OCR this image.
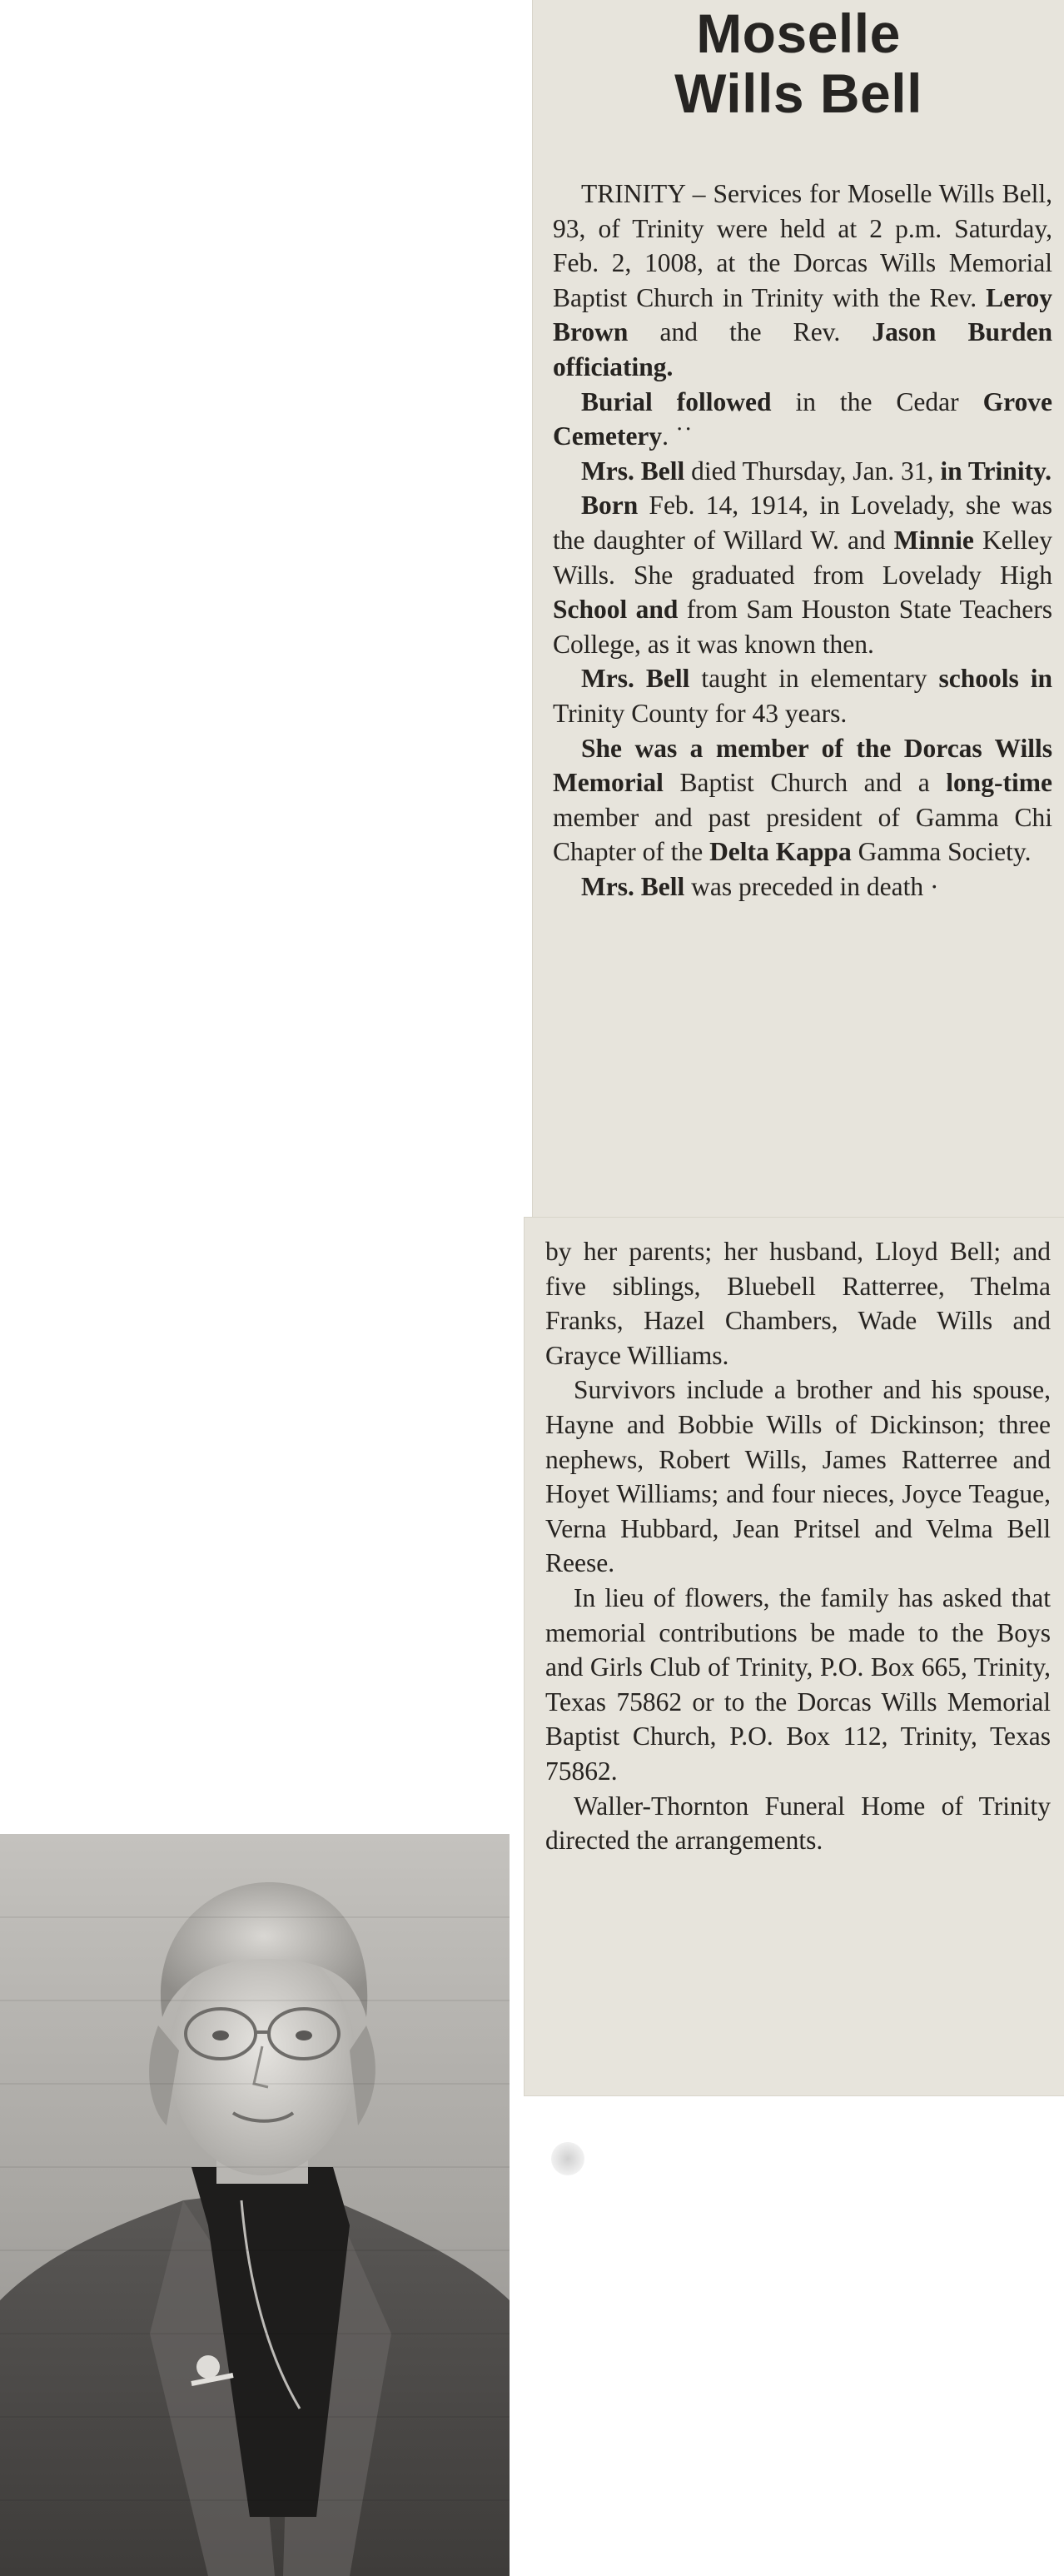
Moselle
Wills Bell

TRINITY – Services for Moselle Wills Bell, 93, of Trinity were held at 2 p.m. Saturday, Feb. 2, 1008, at the Dorcas Wills Memorial Baptist Church in Trinity with the Rev. Leroy Brown and the Rev. Jason Burden officiating.

Burial followed in the Cedar Grove Cemetery. ˙˙

Mrs. Bell died Thursday, Jan. 31, in Trinity.

Born Feb. 14, 1914, in Lovelady, she was the daughter of Willard W. and Minnie Kelley Wills. She graduated from Lovelady High School and from Sam Houston State Teachers College, as it was known then.

Mrs. Bell taught in elementary schools in Trinity County for 43 years.

She was a member of the Dorcas Wills Memorial Baptist Church and a long-time member and past president of Gamma Chi Chapter of the Delta Kappa Gamma Society.

Mrs. Bell was preceded in death ·

by her parents; her husband, Lloyd Bell; and five siblings, Bluebell Ratterree, Thelma Franks, Hazel Chambers, Wade Wills and Grayce Williams.

Survivors include a brother and his spouse, Hayne and Bobbie Wills of Dickinson; three nephews, Robert Wills, James Ratterree and Hoyet Williams; and four nieces, Joyce Teague, Verna Hubbard, Jean Pritsel and Velma Bell Reese.

In lieu of flowers, the family has asked that memorial contributions be made to the Boys and Girls Club of Trinity, P.O. Box 665, Trinity, Texas 75862 or to the Dorcas Wills Memorial Baptist Church, P.O. Box 112, Trinity, Texas 75862.

Waller-Thornton Funeral Home of Trinity directed the arrangements.
